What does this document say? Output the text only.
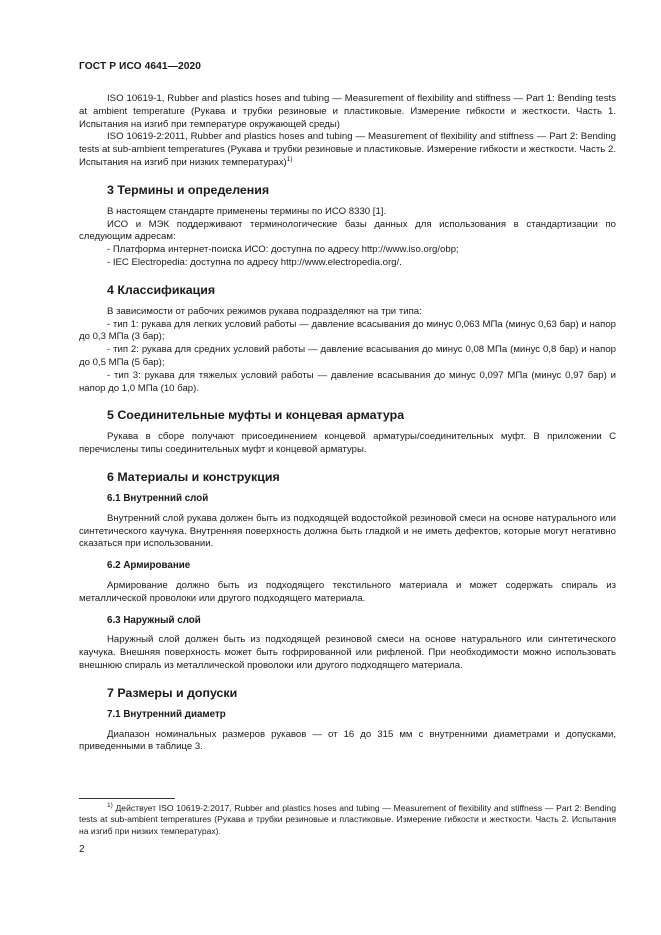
ГОСТ Р ИСО 4641—2020

ISO 10619-1, Rubber and plastics hoses and tubing — Measurement of flexibility and stiffness — Part 1: Bending tests at ambient temperature (Рукава и трубки резиновые и пластиковые. Измерение гибкости и жесткости. Часть 1. Испытания на изгиб при температуре окружающей среды)

ISO 10619-2:2011, Rubber and plastics hoses and tubing — Measurement of flexibility and stiffness — Part 2: Bending tests at sub-ambient temperatures (Рукава и трубки резиновые и пластиковые. Измерение гибкости и жесткости. Часть 2. Испытания на изгиб при низких температурах)$^{1)}$

3 Термины и определения

В настоящем стандарте применены термины по ИСО 8330 [1].

ИСО и МЭК поддерживают терминологические базы данных для использования в стандартизации по следующим адресам:

- Платформа интернет-поиска ИСО: доступна по адресу http://www.iso.org/obp;

- IEC Electropedia: доступна по адресу http://www.electropedia.org/.

4 Классификация

В зависимости от рабочих режимов рукава подразделяют на три типа:

- тип 1: рукава для легких условий работы — давление всасывания до минус 0,063 МПа (минус 0,63 бар) и напор до 0,3 МПа (3 бар);

- тип 2: рукава для средних условий работы — давление всасывания до минус 0,08 МПа (минус 0,8 бар) и напор до 0,5 МПа (5 бар);

- тип 3: рукава для тяжелых условий работы — давление всасывания до минус 0,097 МПа (минус 0,97 бар) и напор до 1,0 МПа (10 бар).

5 Соединительные муфты и концевая арматура

Рукава в сборе получают присоединением концевой арматуры/соединительных муфт. В приложении С перечислены типы соединительных муфт и концевой арматуры.

6 Материалы и конструкция
6.1 Внутренний слой

Внутренний слой рукава должен быть из подходящей водостойкой резиновой смеси на основе натурального или синтетического каучука. Внутренняя поверхность должна быть гладкой и не иметь дефектов, которые могут негативно сказаться при использовании.

6.2 Армирование

Армирование должно быть из подходящего текстильного материала и может содержать спираль из металлической проволоки или другого подходящего материала.

6.3 Наружный слой

Наружный слой должен быть из подходящей резиновой смеси на основе натурального или синтетического каучука. Внешняя поверхность может быть гофрированной или рифленой. При необходимости можно использовать внешнюю спираль из металлической проволоки или другого подходящего материала.

7 Размеры и допуски
7.1 Внутренний диаметр

Диапазон номинальных размеров рукавов — от 16 до 315 мм с внутренними диаметрами и допусками, приведенными в таблице 3.

$^{1)}$ Действует ISO 10619-2:2017, Rubber and plastics hoses and tubing — Measurement of flexibility and stiffness — Part 2: Bending tests at sub-ambient temperatures (Рукава и трубки резиновые и пластиковые. Измерение гибкости и жесткости. Часть 2. Испытания на изгиб при низких температурах).

2
